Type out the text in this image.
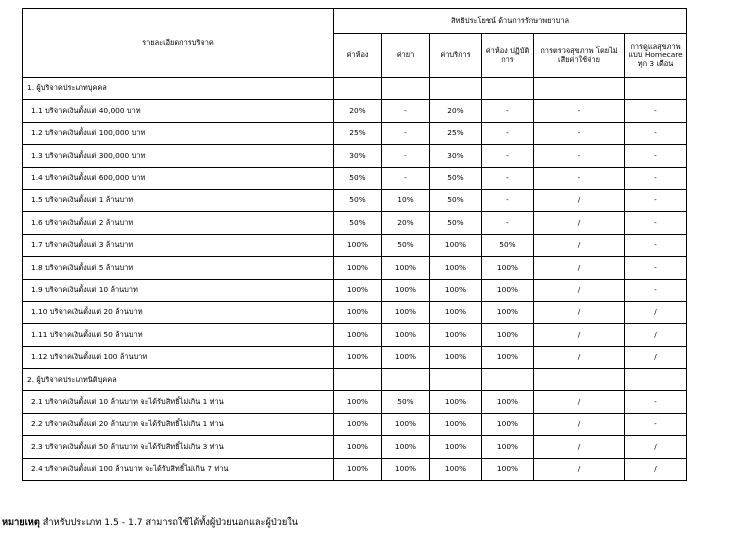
รายละเอียดการบริจาค	สิทธิประโยชน์ ด้านการรักษาพยาบาล					
	ค่าห้อง	ค่ายา	ค่าบริการ	ค่าห้อง ปฏิบัติการ	การตรวจสุขภาพ โดยไม่เสียค่าใช้จ่าย	การดูแลสุขภาพแบบ Homecare ทุก 3 เดือน
1. ผู้บริจาคประเภทบุคคล						
1.1 บริจาคเงินตั้งแต่ 40,000 บาท	20%	-	20%	-	-	-
1.2 บริจาคเงินตั้งแต่ 100,000 บาท	25%	-	25%	-	-	-
1.3 บริจาคเงินตั้งแต่ 300,000 บาท	30%	-	30%	-	-	-
1.4 บริจาคเงินตั้งแต่ 600,000 บาท	50%	-	50%	-	-	-
1.5 บริจาคเงินตั้งแต่ 1 ล้านบาท	50%	10%	50%	-	/	-
1.6 บริจาคเงินตั้งแต่ 2 ล้านบาท	50%	20%	50%	-	/	-
1.7 บริจาคเงินตั้งแต่ 3 ล้านบาท	100%	50%	100%	50%	/	-
1.8 บริจาคเงินตั้งแต่ 5 ล้านบาท	100%	100%	100%	100%	/	-
1.9 บริจาคเงินตั้งแต่ 10 ล้านบาท	100%	100%	100%	100%	/	-
1.10 บริจาคเงินตั้งแต่ 20 ล้านบาท	100%	100%	100%	100%	/	/
1.11 บริจาคเงินตั้งแต่ 50 ล้านบาท	100%	100%	100%	100%	/	/
1.12 บริจาคเงินตั้งแต่ 100 ล้านบาท	100%	100%	100%	100%	/	/
2. ผู้บริจาคประเภทนิติบุคคล						
2.1 บริจาคเงินตั้งแต่ 10 ล้านบาท จะได้รับสิทธิ์ไม่เกิน 1 ท่าน	100%	50%	100%	100%	/	-
2.2 บริจาคเงินตั้งแต่ 20 ล้านบาท จะได้รับสิทธิ์ไม่เกิน 1 ท่าน	100%	100%	100%	100%	/	-
2.3 บริจาคเงินตั้งแต่ 50 ล้านบาท จะได้รับสิทธิ์ไม่เกิน 3 ท่าน	100%	100%	100%	100%	/	/
2.4 บริจาคเงินตั้งแต่ 100 ล้านบาท จะได้รับสิทธิ์ไม่เกิน 7 ท่าน	100%	100%	100%	100%	/	/
หมายเหตุ สำหรับประเภท 1.5 - 1.7 สามารถใช้ได้ทั้งผู้ป่วยนอกและผู้ป่วยใน
